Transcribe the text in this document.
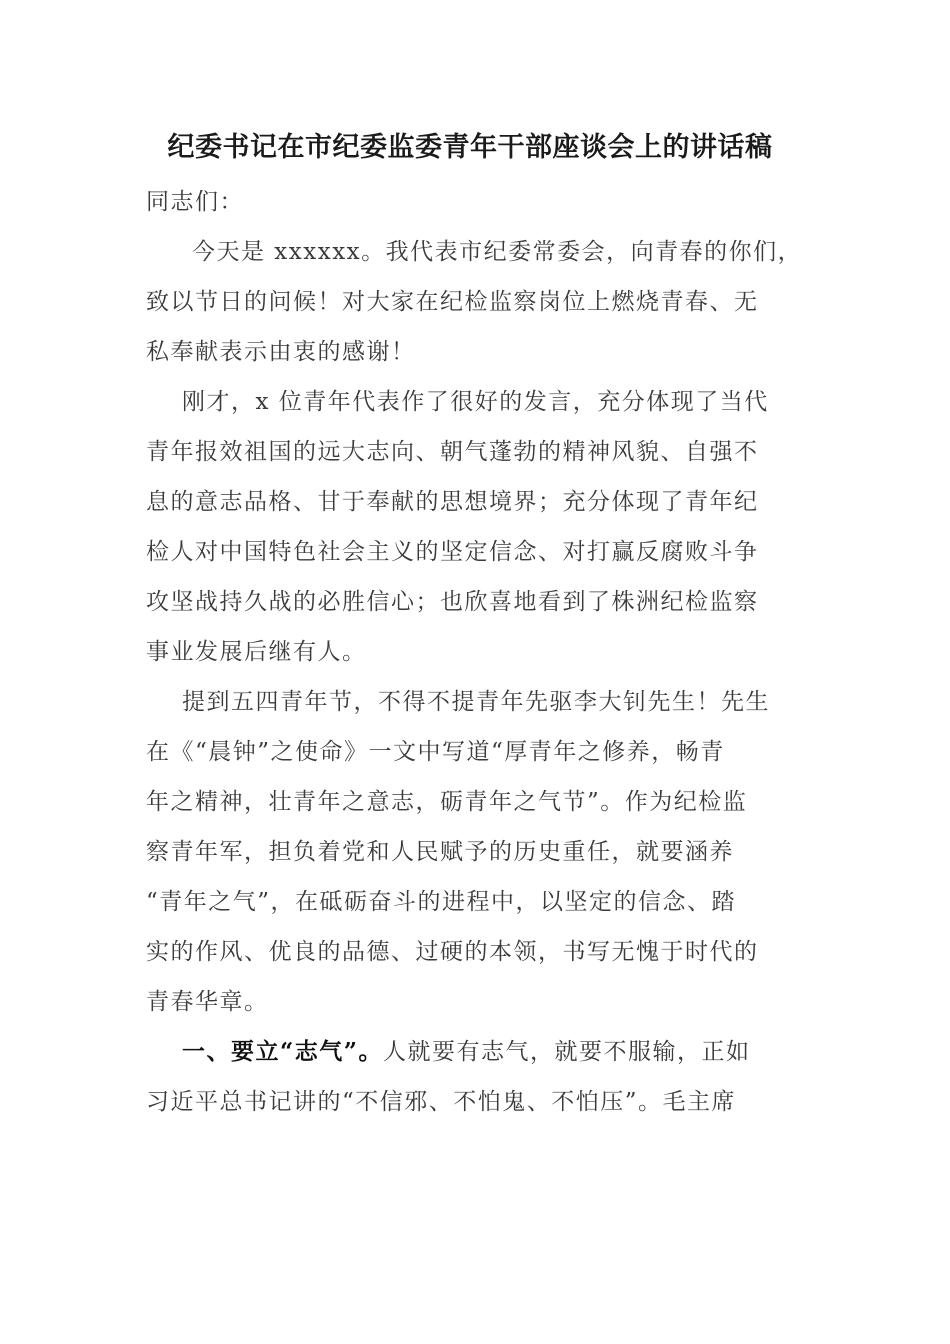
纪委书记在市纪委监委青年干部座谈会上的讲话稿
同志们：
今天是 xxxxxx。我代表市纪委常委会，向青春的你们，
致以节日的问候！对大家在纪检监察岗位上燃烧青春、无
私奉献表示由衷的感谢！
刚才，x 位青年代表作了很好的发言，充分体现了当代
青年报效祖国的远大志向、朝气蓬勃的精神风貌、自强不
息的意志品格、甘于奉献的思想境界；充分体现了青年纪
检人对中国特色社会主义的坚定信念、对打赢反腐败斗争
攻坚战持久战的必胜信心；也欣喜地看到了株洲纪检监察
事业发展后继有人。
提到五四青年节，不得不提青年先驱李大钊先生！先生
在《“晨钟”之使命》一文中写道“厚青年之修养，畅青
年之精神，壮青年之意志，砺青年之气节”。作为纪检监
察青年军，担负着党和人民赋予的历史重任，就要涵养
“青年之气”，在砥砺奋斗的进程中，以坚定的信念、踏
实的作风、优良的品德、过硬的本领，书写无愧于时代的
青春华章。
一、要立“志气”。人就要有志气，就要不服输，正如
习近平总书记讲的“不信邪、不怕鬼、不怕压”。毛主席
